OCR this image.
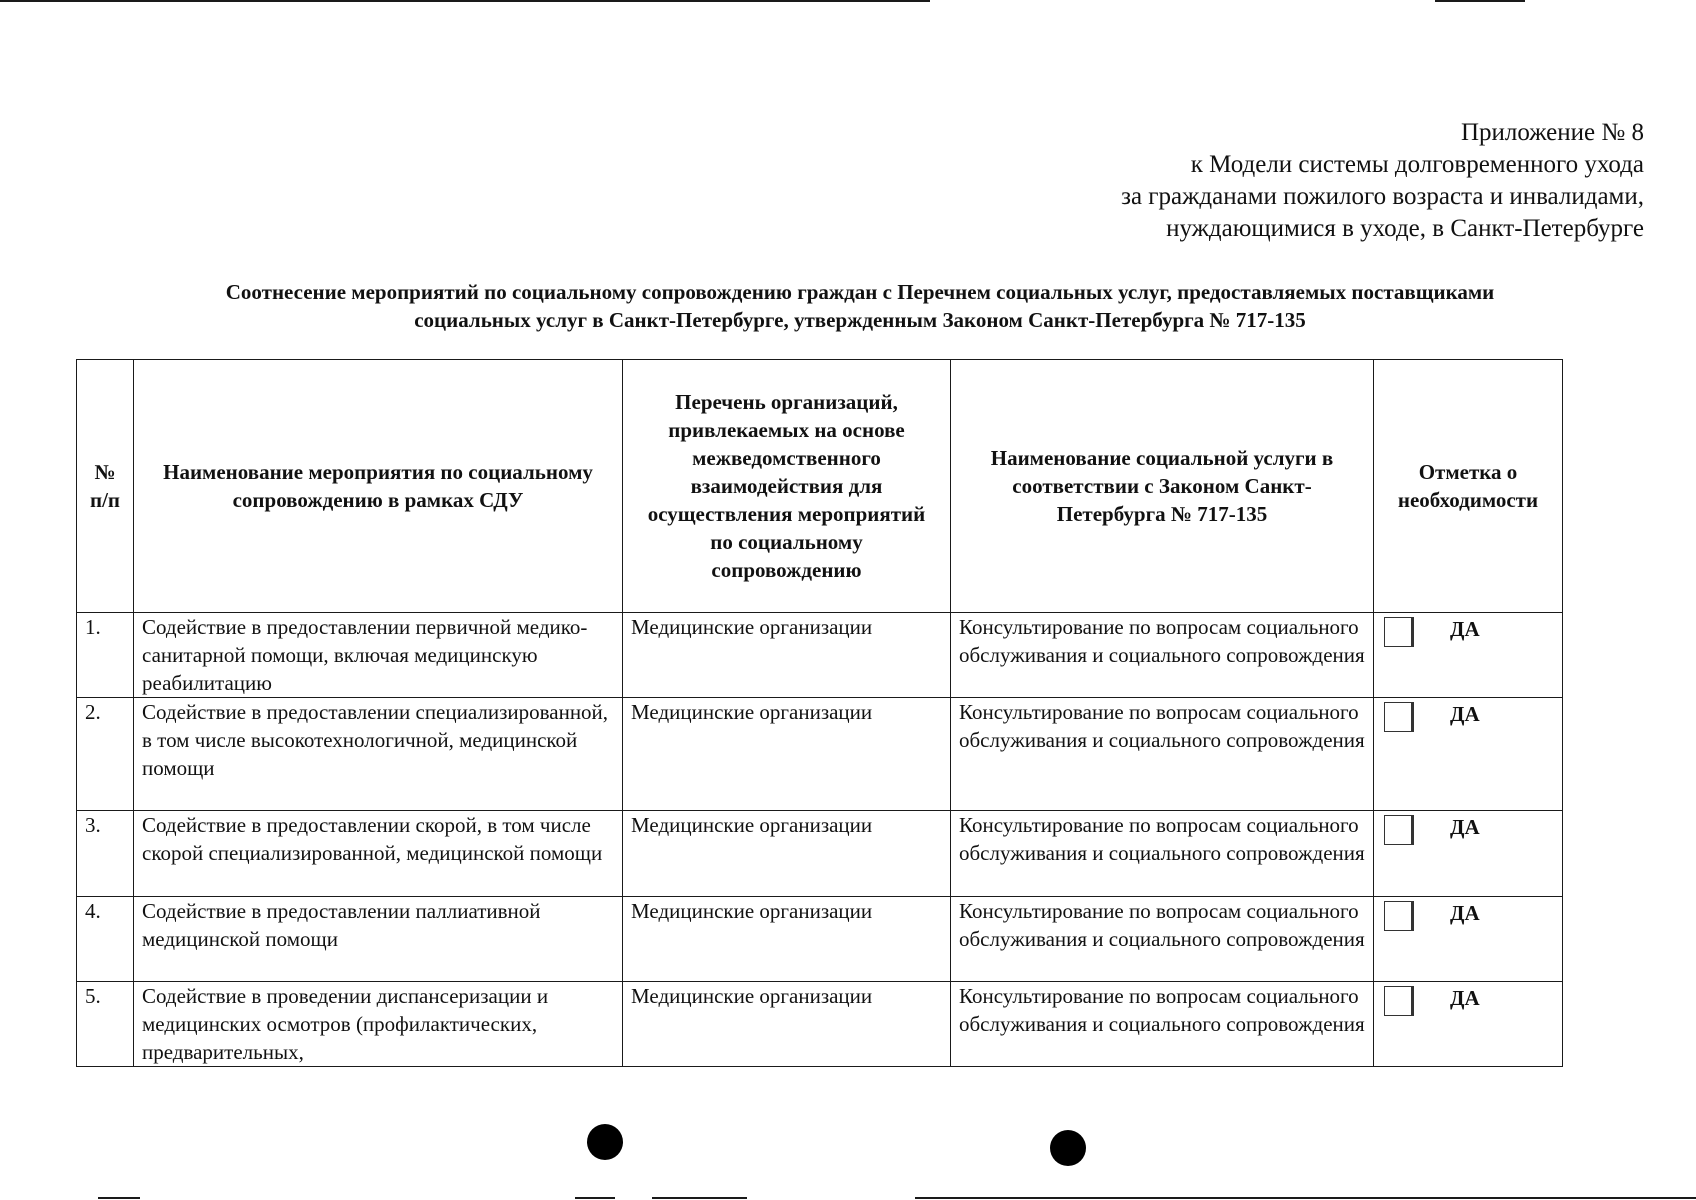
Приложение № 8
к Модели системы долговременного ухода
за гражданами пожилого возраста и инвалидами,
нуждающимися в уходе, в Санкт-Петербурге
Соотнесение мероприятий по социальному сопровождению граждан с Перечнем социальных услуг, предоставляемых поставщиками
социальных услуг в Санкт-Петербурге, утвержденным Законом Санкт-Петербурга № 717-135
№ п/п	Наименование мероприятия по социальному сопровождению в рамках СДУ	Перечень организаций, привлекаемых на основе межведомственного взаимодействия для осуществления мероприятий по социальному сопровождению	Наименование социальной услуги в соответствии с Законом Санкт-Петербурга № 717-135	Отметка о необходимости
1.	Содействие в предоставлении первичной медико-санитарной помощи, включая медицинскую реабилитацию	Медицинские организации	Консультирование по вопросам социального обслуживания и социального сопровождения	ДА

2.	Содействие в предоставлении специализированной, в том числе высокотехнологичной, медицинской помощи	Медицинские организации	Консультирование по вопросам социального обслуживания и социального сопровождения	ДА

3.	Содействие в предоставлении скорой, в том числе скорой специализированной, медицинской помощи	Медицинские организации	Консультирование по вопросам социального обслуживания и социального сопровождения	ДА

4.	Содействие в предоставлении паллиативной медицинской помощи	Медицинские организации	Консультирование по вопросам социального обслуживания и социального сопровождения	ДА

5.	Содействие в проведении диспансеризации и медицинских осмотров (профилактических, предварительных,	Медицинские организации	Консультирование по вопросам социального обслуживания и социального сопровождения	ДА
